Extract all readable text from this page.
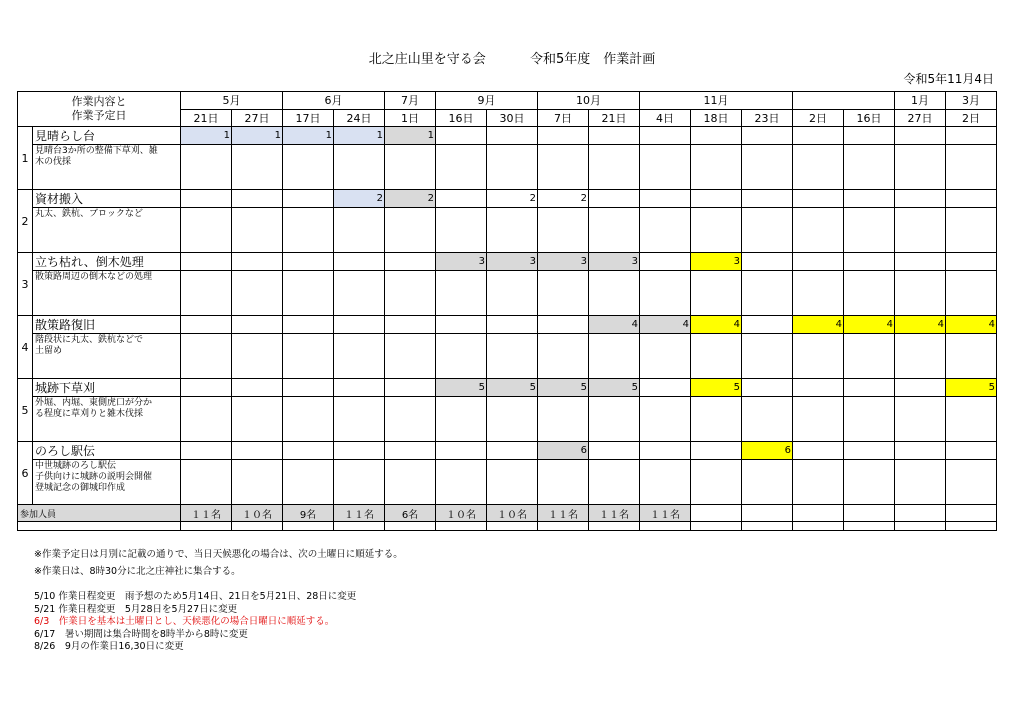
北之庄山里を守る会	令和5年度　作業計画
令和5年11月4日
作業内容と
作業予定日		5月		6月		7月	9月		10月		11月					1月	3月
		21日	27日	17日	24日	1日	16日	30日	7日	21日	4日	18日	23日	2日	16日	27日	2日
1	見晴らし台	1	1	1	1	1											

	見晴台3か所の整備下草刈、雑
木の伐採																

2	資材搬入				2	2		2	2								

	丸太、鉄杭、ブロックなど																

3	立ち枯れ、倒木処理						3	3	3	3		3					

	散策路周辺の倒木などの処理																

4	散策路復旧									4	4	4		4	4	4	4

	階段状に丸太、鉄杭などで
土留め																

5	城跡下草刈						5	5	5	5		5					5

	外堀、内堀、東側虎口が分か
る程度に草刈りと雑木伐採																

6	のろし駅伝								6				6				

	中世城跡のろし駅伝
子供向けに城跡の説明会開催
登城記念の御城印作成																

参加人員		１１名	１０名	9名	１１名	6名	１０名	１０名	１１名	１１名	１１名						

※作業予定日は月別に記載の通りで、当日天候悪化の場合は、次の土曜日に順延する。
※作業日は、8時30分に北之庄神社に集合する。
5/10 作業日程変更　雨予想のため5月14日、21日を5月21日、28日に変更
5/21 作業日程変更　5月28日を5月27日に変更
6/3　作業日を基本は土曜日とし、天候悪化の場合日曜日に順延する。
6/17　暑い期間は集合時間を8時半から8時に変更
8/26　9月の作業日16,30日に変更
